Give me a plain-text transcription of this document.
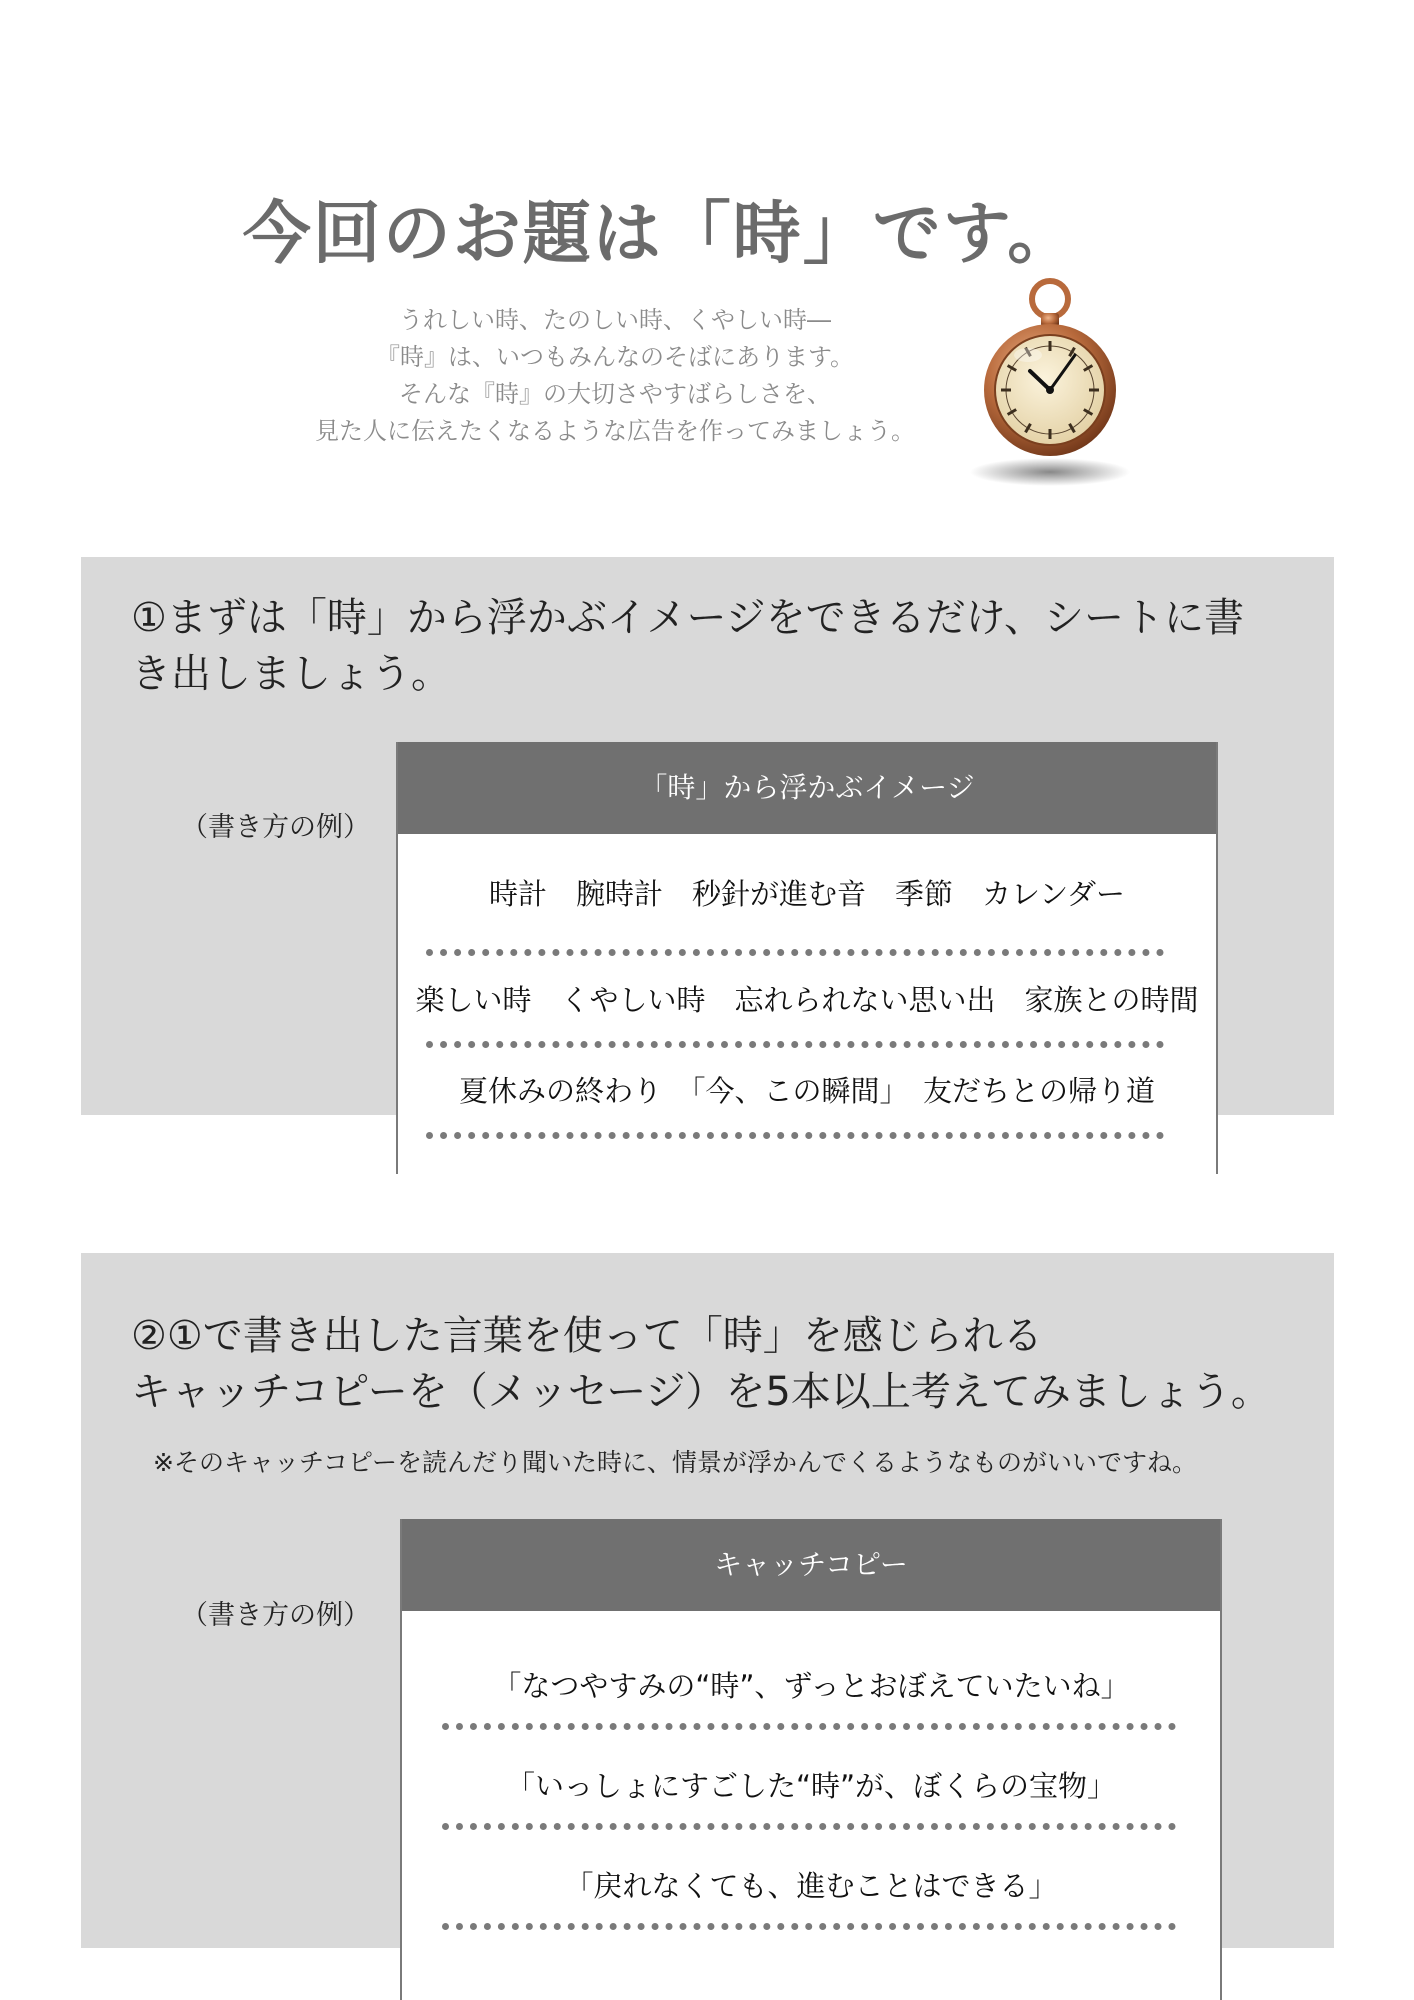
今回のお題は「時」です。
うれしい時、たのしい時、くやしい時―
『時』は、いつもみんなのそばにあります。
そんな『時』の大切さやすばらしさを、
見た人に伝えたくなるような広告を作ってみましょう。
①まずは「時」から浮かぶイメージをできるだけ、シートに書
き出しましょう。
（書き方の例）
「時」から浮かぶイメージ
時計　腕時計　秒針が進む音　季節　カレンダー
楽しい時　くやしい時　忘れられない思い出　家族との時間
夏休みの終わり　「今、この瞬間」　友だちとの帰り道
②①で書き出した言葉を使って「時」を感じられる
キャッチコピーを（メッセージ）を5本以上考えてみましょう。
※そのキャッチコピーを読んだり聞いた時に、情景が浮かんでくるようなものがいいですね。
（書き方の例）
キャッチコピー
「なつやすみの“時”、ずっとおぼえていたいね」
「いっしょにすごした“時”が、ぼくらの宝物」
「戻れなくても、進むことはできる」
